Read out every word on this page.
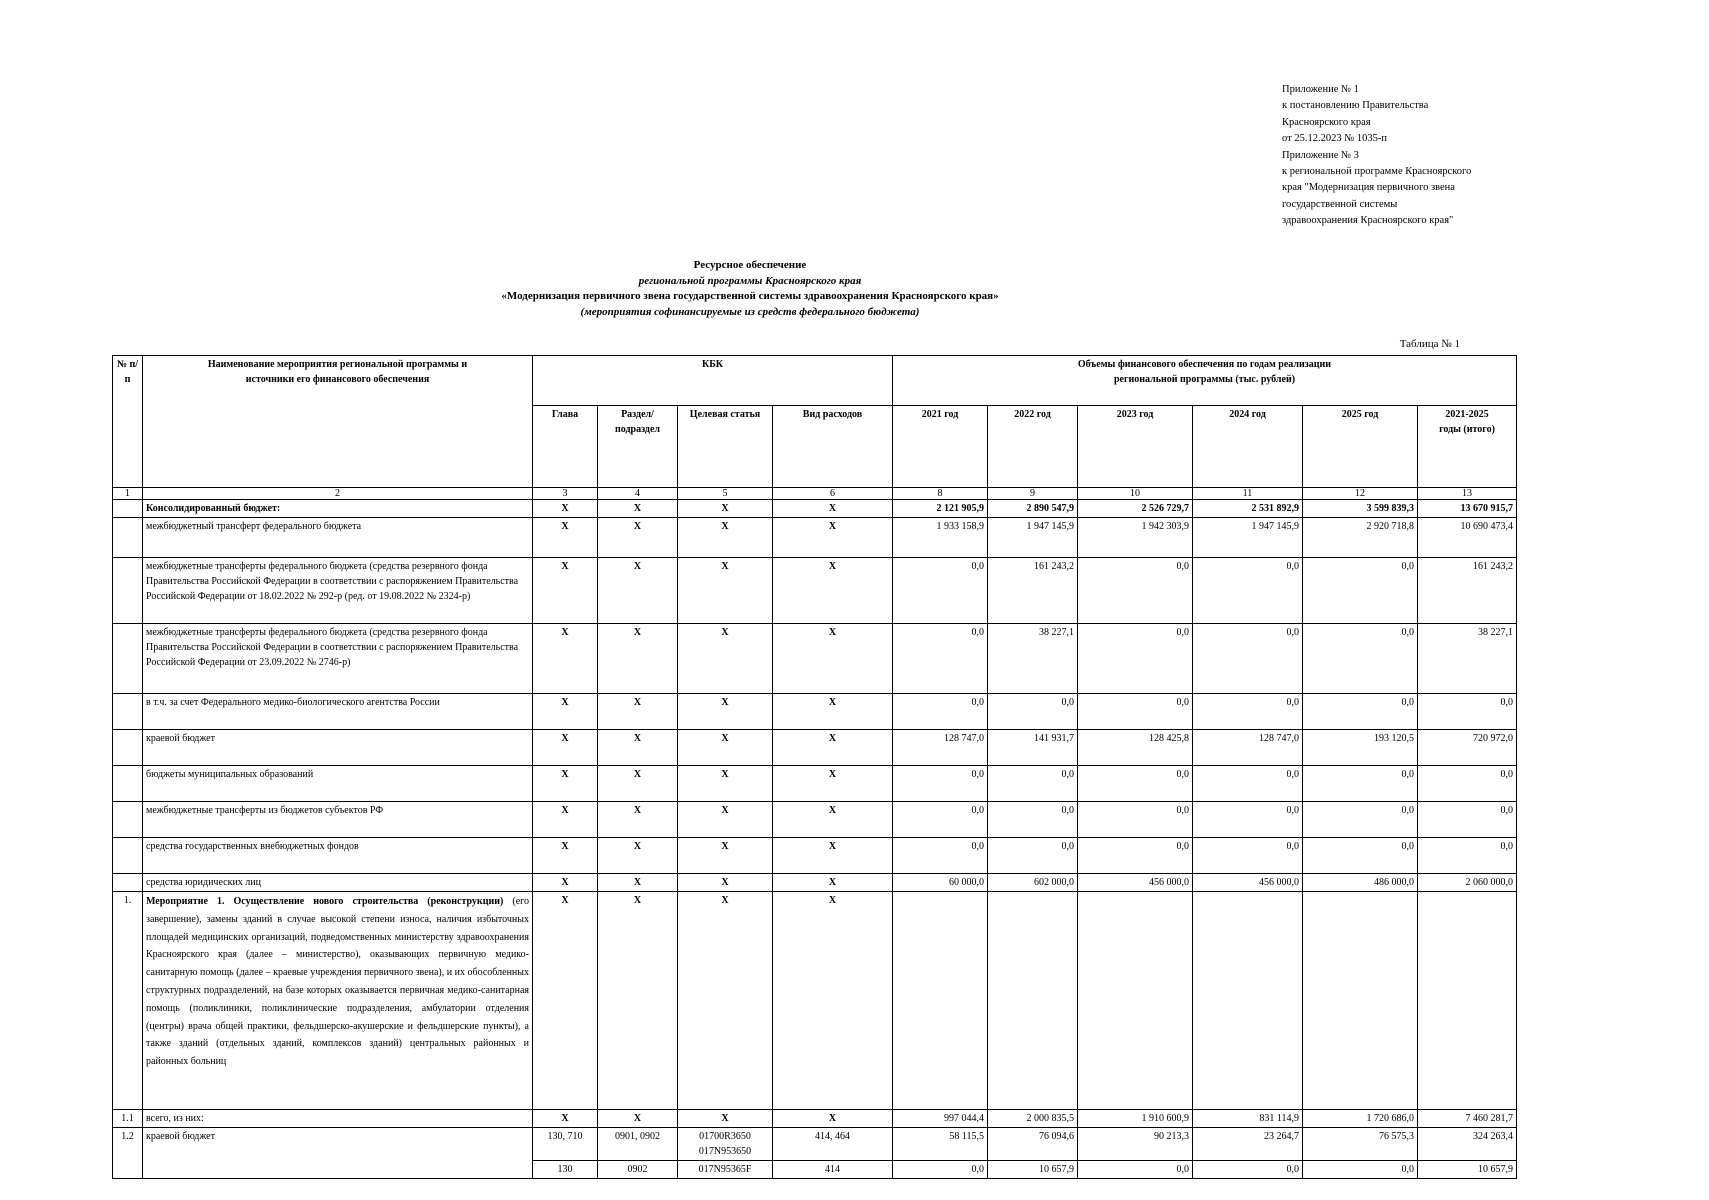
Приложение № 1
к постановлению Правительства
Красноярского края
от 25.12.2023 № 1035-п
Приложение № 3
к региональной программе Красноярского
края "Модернизация первичного звена
государственной системы
здравоохранения Красноярского края"
Ресурсное обеспечение
региональной программы Красноярского края
«Модернизация первичного звена государственной системы здравоохранения Красноярского края»
(мероприятия софинансируемые из средств федерального бюджета)
Таблица № 1
№ п/п	Наименование мероприятия региональной программы и источники его финансового обеспечения	КБК				Объемы финансового обеспечения по годам реализации региональной программы (тыс. рублей)					
		Глава	Раздел/ подраздел	Целевая статья	Вид расходов	2021 год	2022 год	2023 год	2024 год	2025 год	2021-2025 годы (итого)
1	2	3	4	5	6	8	9	10	11	12	13
	Консолидированный бюджет:	Х	Х	Х	Х	2 121 905,9	2 890 547,9	2 526 729,7	2 531 892,9	3 599 839,3	13 670 915,7
	межбюджетный трансферт федерального бюджета	Х	Х	Х	Х	1 933 158,9	1 947 145,9	1 942 303,9	1 947 145,9	2 920 718,8	10 690 473,4
	межбюджетные трансферты федерального бюджета (средства резервного фонда Правительства Российской Федерации в соответствии с распоряжением Правительства Российской Федерации от 18.02.2022 № 292-р (ред. от 19.08.2022 № 2324-р)	Х	Х	Х	Х	0,0	161 243,2	0,0	0,0	0,0	161 243,2
	межбюджетные трансферты федерального бюджета (средства резервного фонда Правительства Российской Федерации в соответствии с распоряжением Правительства Российской Федерации от 23.09.2022 № 2746-р)	Х	Х	Х	Х	0,0	38 227,1	0,0	0,0	0,0	38 227,1
	в т.ч. за счет Федерального медико-биологического агентства России	Х	Х	Х	Х	0,0	0,0	0,0	0,0	0,0	0,0
	краевой бюджет	Х	Х	Х	Х	128 747,0	141 931,7	128 425,8	128 747,0	193 120,5	720 972,0
	бюджеты муниципальных образований	Х	Х	Х	Х	0,0	0,0	0,0	0,0	0,0	0,0
	межбюджетные трансферты из бюджетов субъектов РФ	Х	Х	Х	Х	0,0	0,0	0,0	0,0	0,0	0,0
	средства государственных внебюджетных фондов	Х	Х	Х	Х	0,0	0,0	0,0	0,0	0,0	0,0
	средства юридических лиц	Х	Х	Х	Х	60 000,0	602 000,0	456 000,0	456 000,0	486 000,0	2 060 000,0
1.	Мероприятие 1. Осуществление нового строительства (реконструкции) (его завершение), замены зданий в случае высокой степени износа, наличия избыточных площадей медицинских организаций, подведомственных министерству здравоохранения Красноярского края (далее – министерство), оказывающих первичную медико-санитарную помощь (далее – краевые учреждения первичного звена), и их обособленных структурных подразделений, на базе которых оказывается первичная медико-санитарная помощь (поликлиники, поликлинические подразделения, амбулатории отделения (центры) врача общей практики, фельдшерско-акушерские и фельдшерские пункты), а также зданий (отдельных зданий, комплексов зданий) центральных районных и районных больниц	Х	Х	Х	Х						
1.1	всего, из них:	Х	Х	Х	Х	997 044,4	2 000 835,5	1 910 600,9	831 114,9	1 720 686,0	7 460 281,7
1.2	краевой бюджет	130, 710	0901, 0902	01700R3650 017N953650	414, 464	58 115,5	76 094,6	90 213,3	23 264,7	76 575,3	324 263,4
		130	0902	017N95365F	414	0,0	10 657,9	0,0	0,0	0,0	10 657,9
